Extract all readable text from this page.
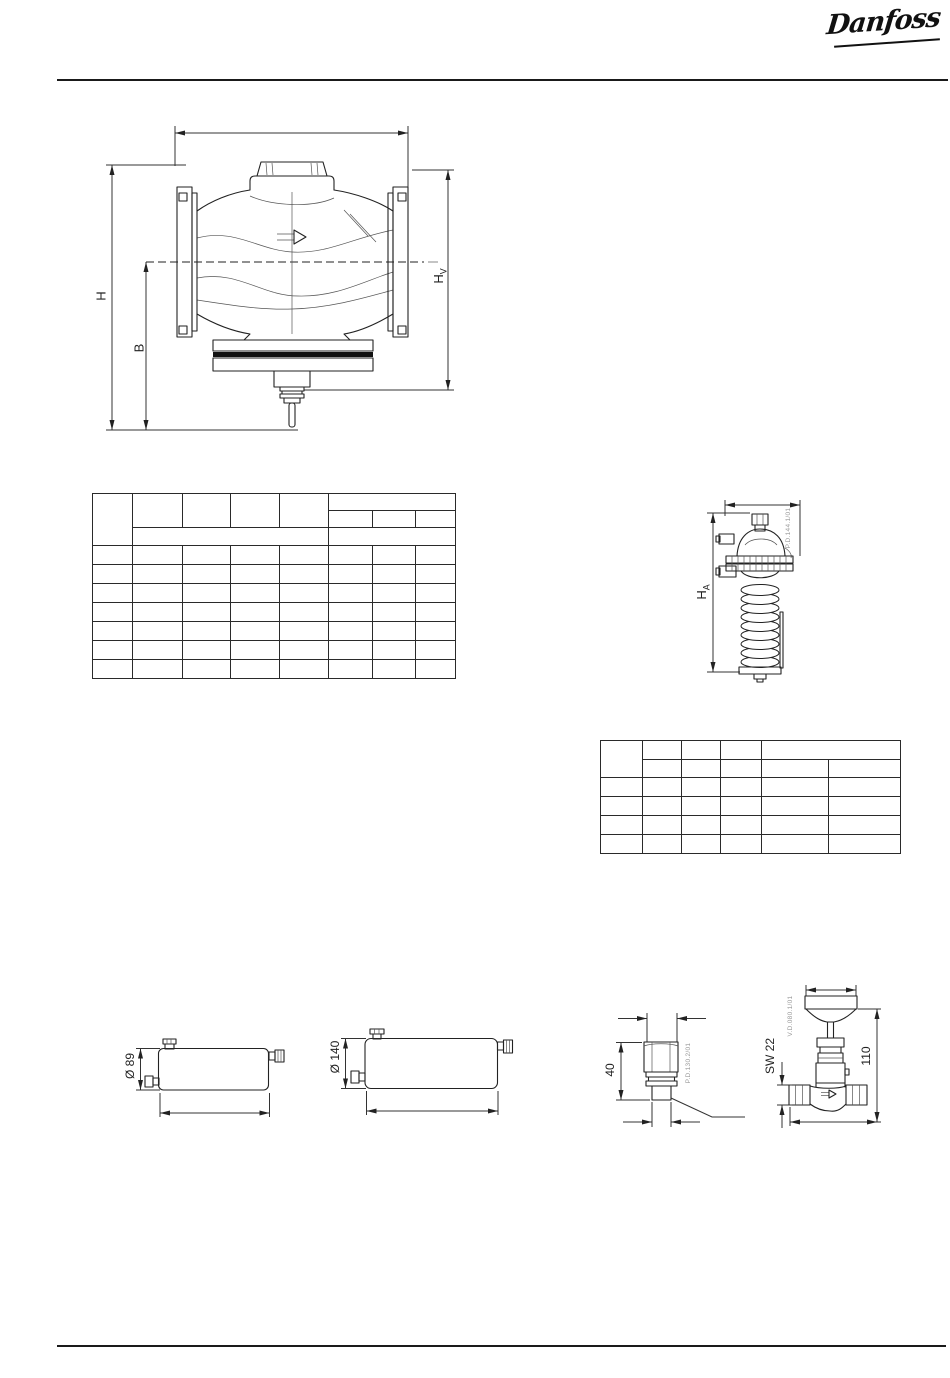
Danfoss
H
B
$H_V$
$H_A$
P.D.144.1/01
Ø 89	Ø 140	40	P.D.130.2/01	SW 22	110
V.D.080.1/01
